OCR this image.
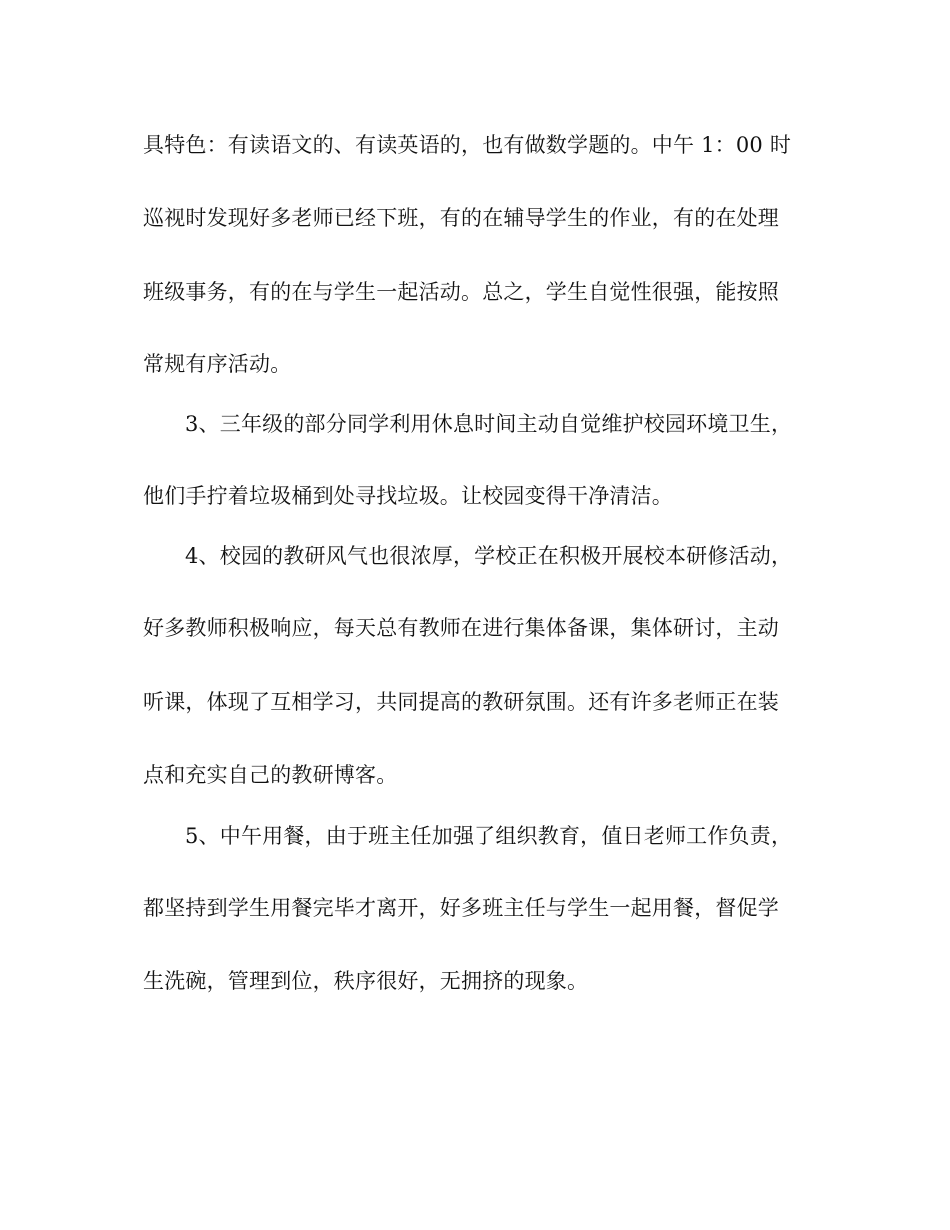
具特色：有读语文的、有读英语的，也有做数学题的。中午 1：00 时
巡视时发现好多老师已经下班，有的在辅导学生的作业，有的在处理
班级事务，有的在与学生一起活动。总之，学生自觉性很强，能按照
常规有序活动。
3、三年级的部分同学利用休息时间主动自觉维护校园环境卫生，
他们手拧着垃圾桶到处寻找垃圾。让校园变得干净清洁。
4、校园的教研风气也很浓厚，学校正在积极开展校本研修活动，
好多教师积极响应，每天总有教师在进行集体备课，集体研讨，主动
听课，体现了互相学习，共同提高的教研氛围。还有许多老师正在装
点和充实自己的教研博客。
5、中午用餐，由于班主任加强了组织教育，值日老师工作负责，
都坚持到学生用餐完毕才离开，好多班主任与学生一起用餐，督促学
生洗碗，管理到位，秩序很好，无拥挤的现象。
